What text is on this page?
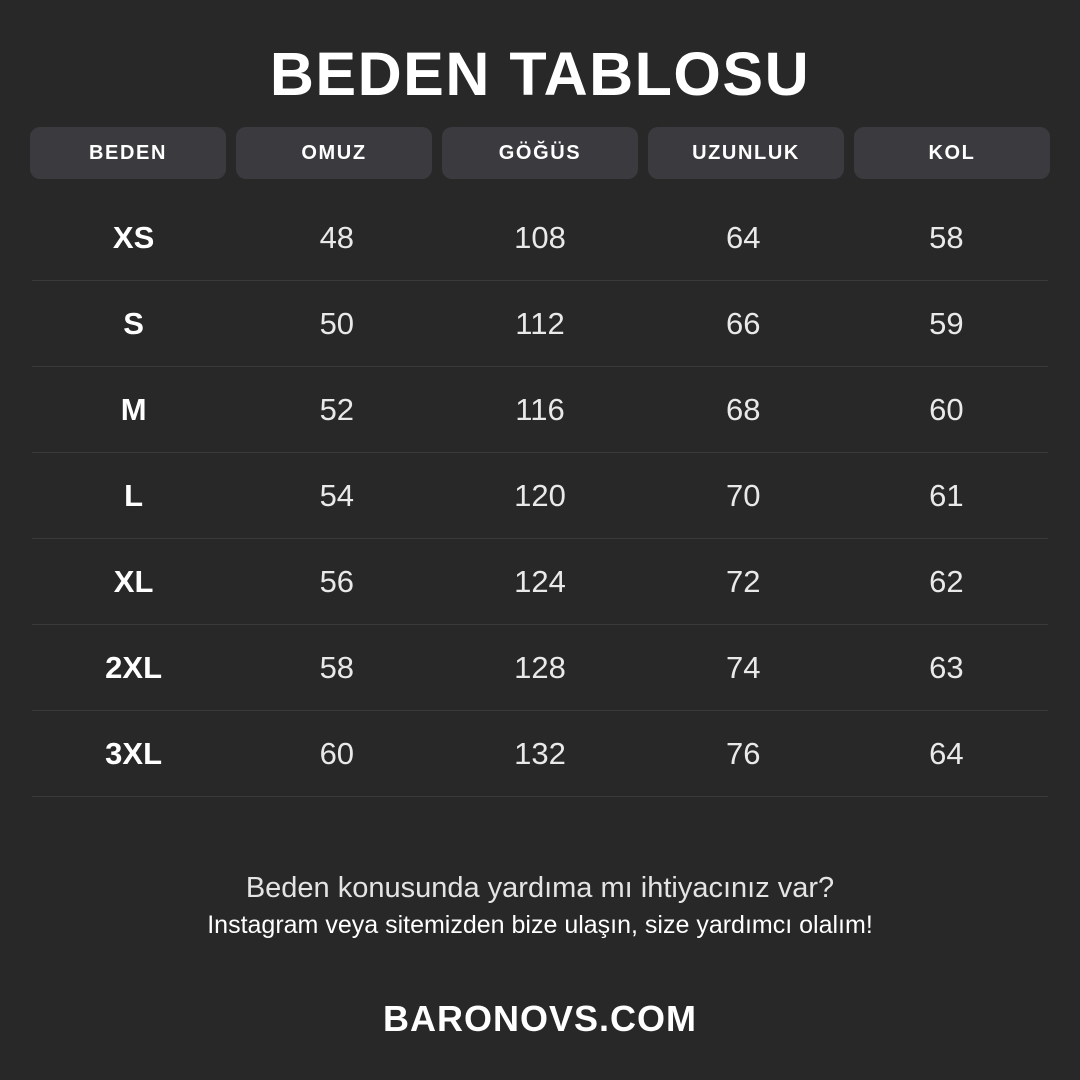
BEDEN TABLOSU
BEDEN	OMUZ	GÖĞÜS	UZUNLUK	KOL
XS	48	108	64	58
S	50	112	66	59
M	52	116	68	60
L	54	120	70	61
XL	56	124	72	62
2XL	58	128	74	63
3XL	60	132	76	64
Beden konusunda yardıma mı ihtiyacınız var?
Instagram veya sitemizden bize ulaşın, size yardımcı olalım!
BARONOVS.COM
